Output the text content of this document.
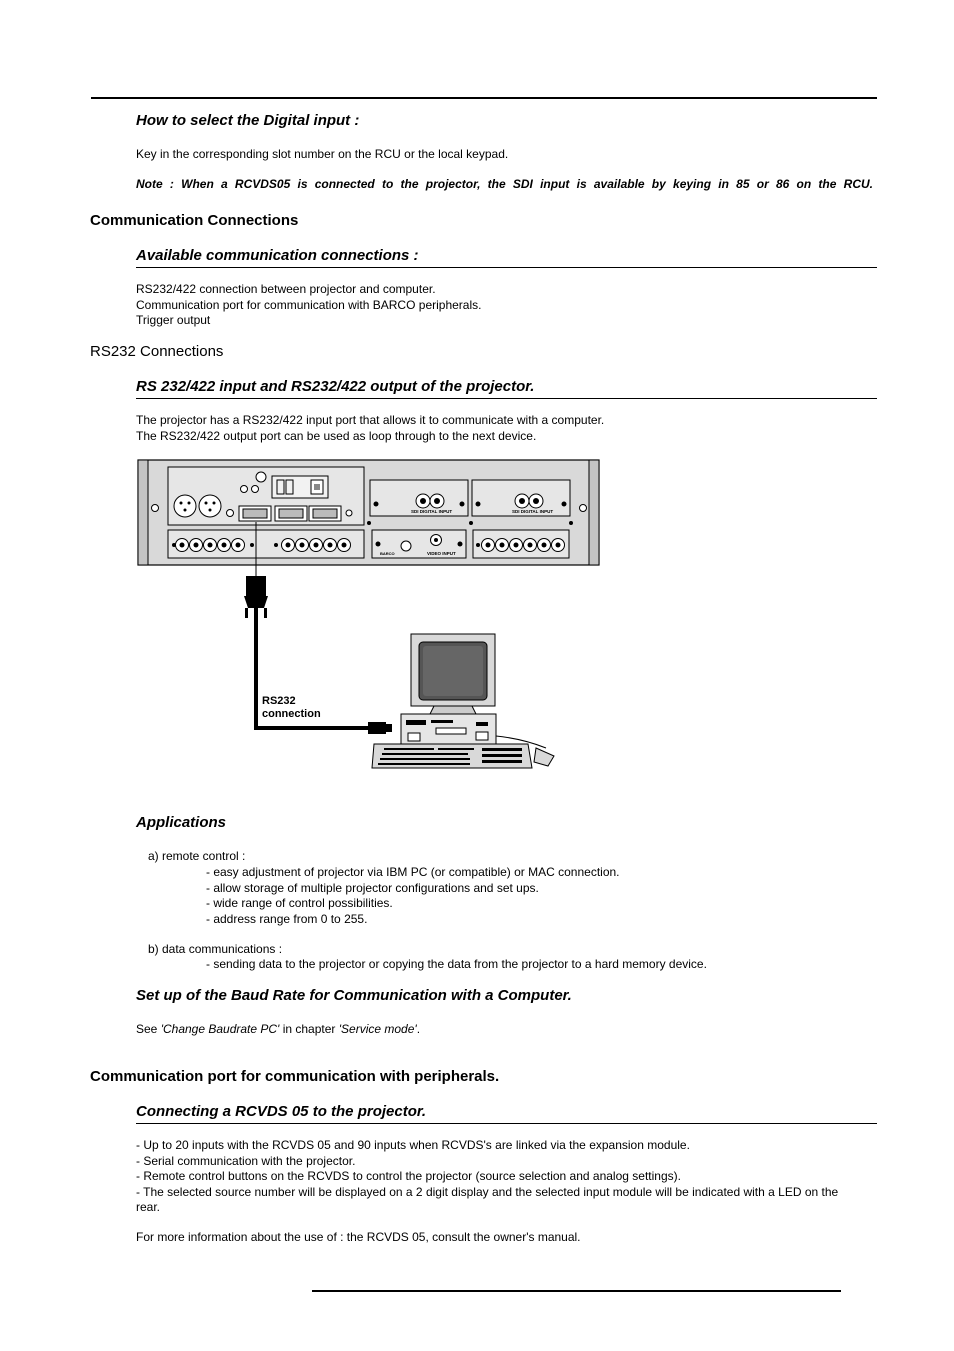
How to select the Digital input :
Key in the corresponding slot number on the RCU or the local keypad.
Note : When a RCVDS05 is connected to the projector, the SDI input is available by keying in 85 or 86 on the RCU.
Communication Connections
Available communication connections :
RS232/422 connection between projector and computer.
Communication port for communication with BARCO peripherals.
Trigger output
RS232 Connections
RS 232/422 input and RS232/422 output of the projector.
The projector has a RS232/422 input port that allows it to communicate with a computer.
The RS232/422 output port can be used as loop through to the next device.
SDI DIGITAL INPUT	SDI DIGITAL INPUT
VIDEO INPUT
BARCO
RS232
connection
Applications
a) remote control :
- easy adjustment of projector via IBM PC (or compatible) or MAC connection.
- allow storage of multiple projector configurations and set ups.
- wide range of control possibilities.
- address range from 0 to 255.
b) data communications :
- sending data to the projector or copying the data from the projector to a hard memory device.
Set up of the Baud Rate for Communication with a Computer.
See 'Change Baudrate PC' in chapter 'Service mode'.
Communication port for communication with peripherals.
Connecting a RCVDS 05 to the projector.
- Up to 20 inputs with the RCVDS 05 and 90 inputs when RCVDS's are linked via the expansion module.
- Serial communication with the projector.
- Remote control buttons on the RCVDS to control the projector (source selection and analog settings).
- The selected source number will be displayed on a 2 digit display and the selected input module will be indicated with a LED on the
rear.
For more information about the use of : the RCVDS 05, consult the owner's manual.
